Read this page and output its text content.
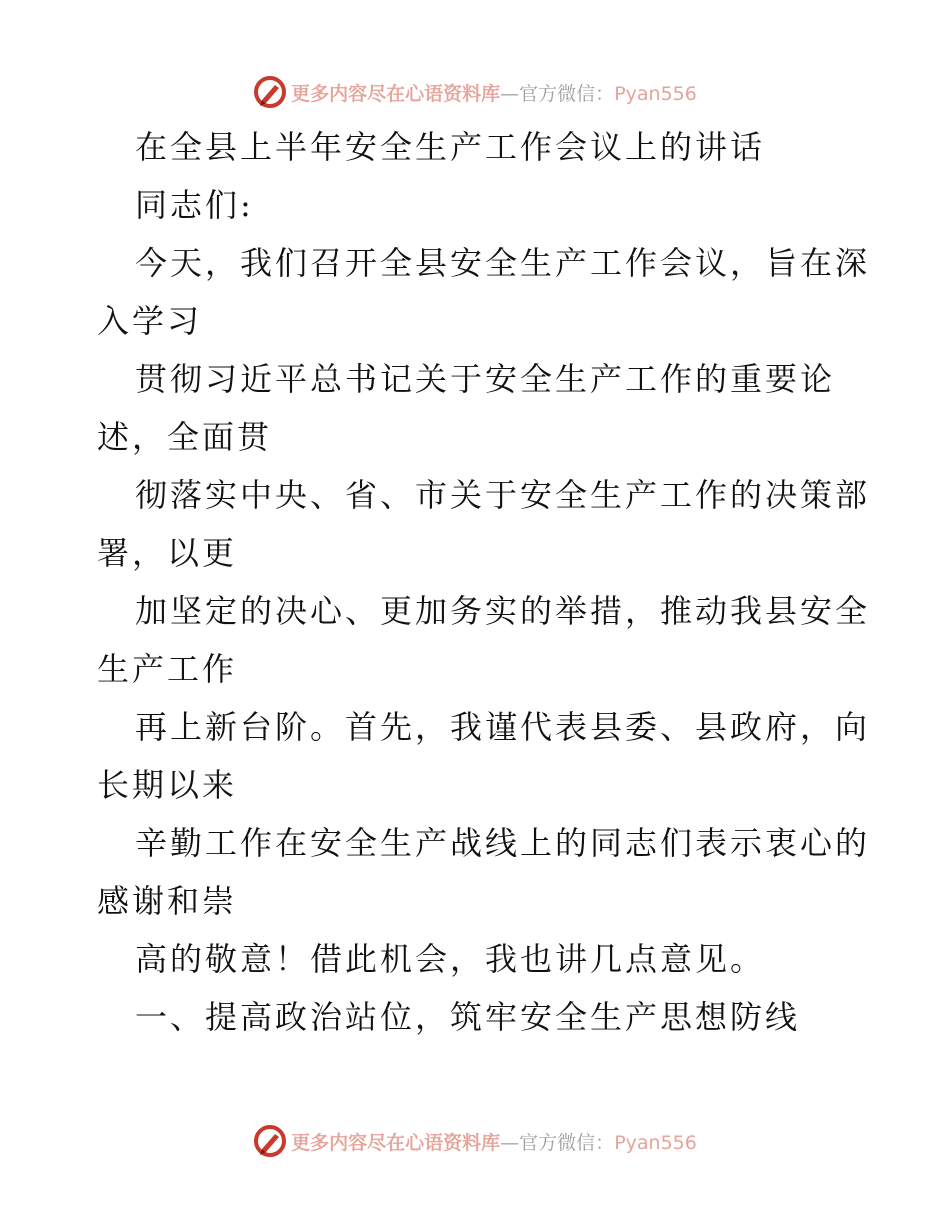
更多内容尽在心语资料库—官方微信：Pyan556
在全县上半年安全生产工作会议上的讲话
同志们:
今天，我们召开全县安全生产工作会议，旨在深
入学习
贯彻习近平总书记关于安全生产工作的重要论
述，全面贯
彻落实中央、省、市关于安全生产工作的决策部
署，以更
加坚定的决心、更加务实的举措，推动我县安全
生产工作
再上新台阶。首先，我谨代表县委、县政府，向
长期以来
辛勤工作在安全生产战线上的同志们表示衷心的
感谢和崇
高的敬意！借此机会，我也讲几点意见。
一、提高政治站位，筑牢安全生产思想防线
更多内容尽在心语资料库—官方微信：Pyan556
